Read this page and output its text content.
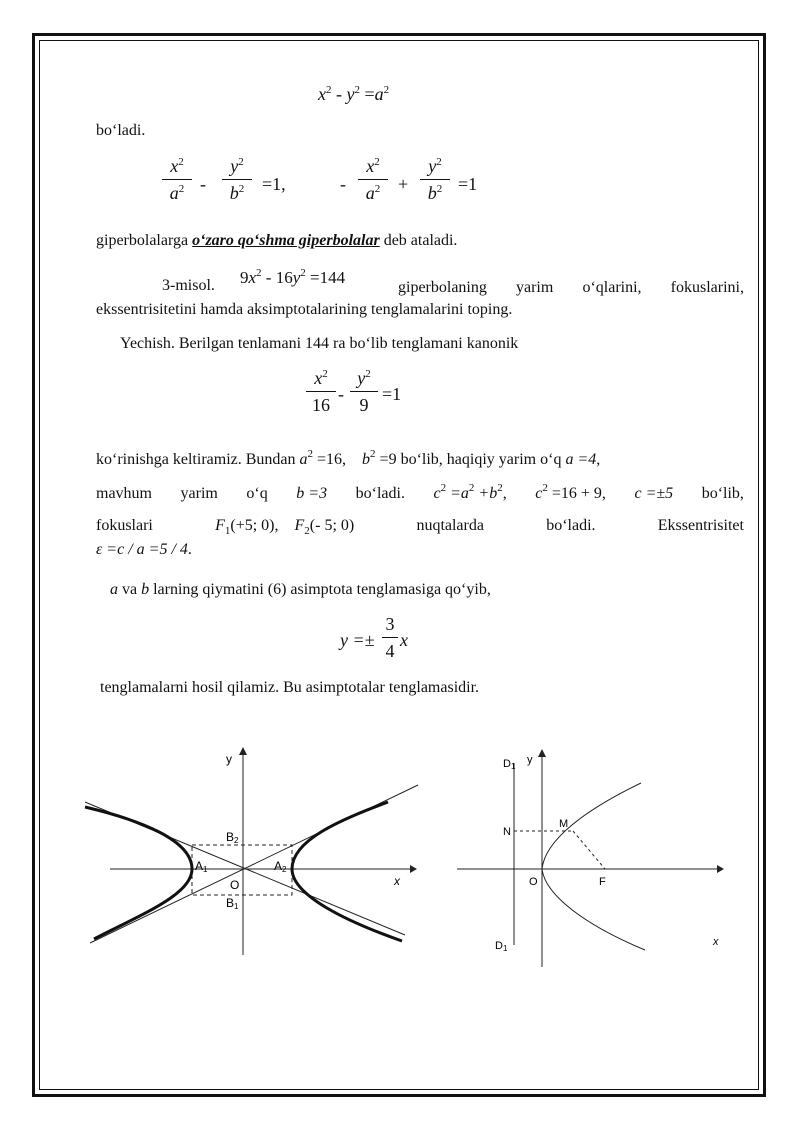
$x^2 - y^2 =a^2$
bo‘ladi.
$x^2$
$a^2$ -
$y^2$
$b^2 =1$,	-
$x^2$
$a^2$ +
$y^2$
$b^2 =1$
giperbolalarga o‘zaro qo‘shma giperbolalar deb ataladi.
3-misol. $9x^2 - 16y^2 =144$
giperbolaning yarim o‘qlarini, fokuslarini,
ekssentrisitetini hamda aksimptotalarining tenglamalarini toping.
Yechish. Berilgan tenlamani 144 ra bo‘lib tenglamani kanonik
$x^2$
16
-
$y^2$
9
=1
ko‘rinishga keltiramiz. Bundan $a^2 =16$, $b^2 =9$ bo‘lib, haqiqiy yarim o‘q a =4,
mavhum yarim o‘q b =3 bo‘ladi. $c^2 =a^2 +b^2$, $c^2 =16 + 9$, c =±5 bo‘lib,
fokuslari	$F_1(+5$; 0), $F_2(-$ 5; 0)	nuqtalarda	bo‘ladi.	Ekssentrisitet
ε =c / a =5 / 4.
a va b larning qiymatini (6) asimptota tenglamasiga qo‘yib,
y =±
3
4
x
tenglamalarni hosil qilamiz. Bu asimptotalar tenglamasidir.
y
x
O
A1	A2
B2
B1
D1
y
N
M
O	F
D1
x
